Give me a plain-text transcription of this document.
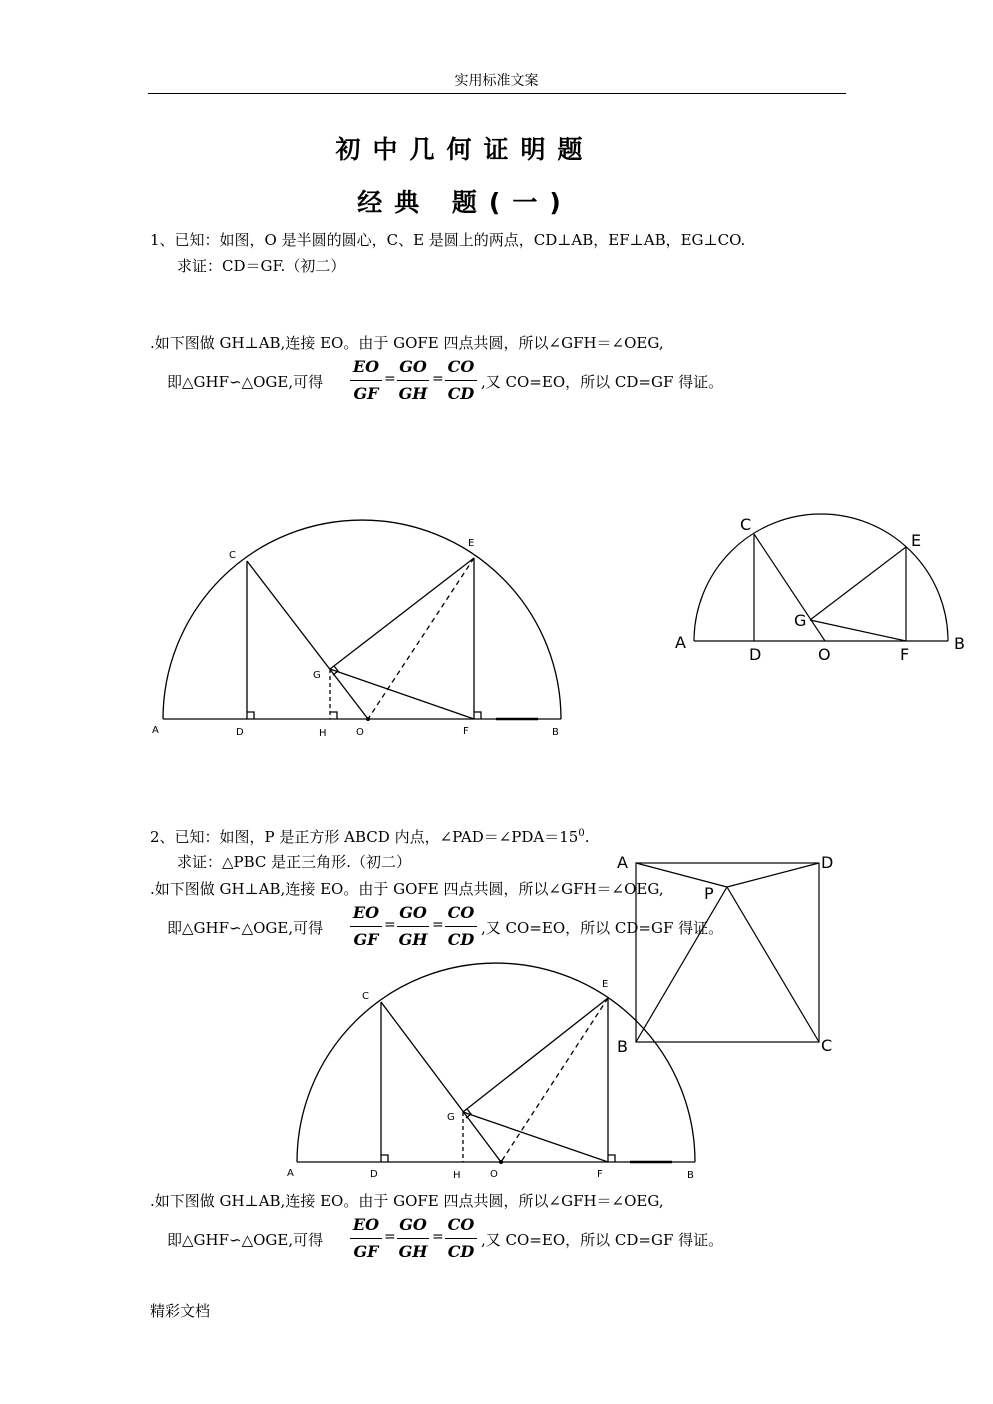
实用标准文案
初中几何证明题
经典 题(一)
1、已知：如图，O 是半圆的圆心，C、E 是圆上的两点，CD⊥AB，EF⊥AB，EG⊥CO.
求证：CD＝GF.（初二）
.如下图做 GH⊥AB,连接 EO。由于 GOFE 四点共圆，所以∠GFH＝∠OEG,
即△GHF∽△OGE,可得
EO
GF
=
GO
GH
=
CO
CD
,又 CO=EO，所以 CD=GF 得证。
A	B
C
D
E
F
G
H	O
A	B
C
D
E
F
G
O
2、已知：如图，P 是正方形 ABCD 内点，$\angle PAD=\angle PDA=15^0$.
求证：△PBC 是正三角形.（初二）
.如下图做 GH⊥AB,连接 EO。由于 GOFE 四点共圆，所以∠GFH＝∠OEG,
即△GHF∽△OGE,可得
EO
GF
=
GO
GH
=
CO
CD
,又 CO=EO，所以 CD=GF 得证。
A	D
B	C
P
A	B
C
D
E
F
G
H	O
.如下图做 GH⊥AB,连接 EO。由于 GOFE 四点共圆，所以∠GFH＝∠OEG,
即△GHF∽△OGE,可得
EO
GF
=
GO
GH
=
CO
CD
,又 CO=EO，所以 CD=GF 得证。
精彩文档
